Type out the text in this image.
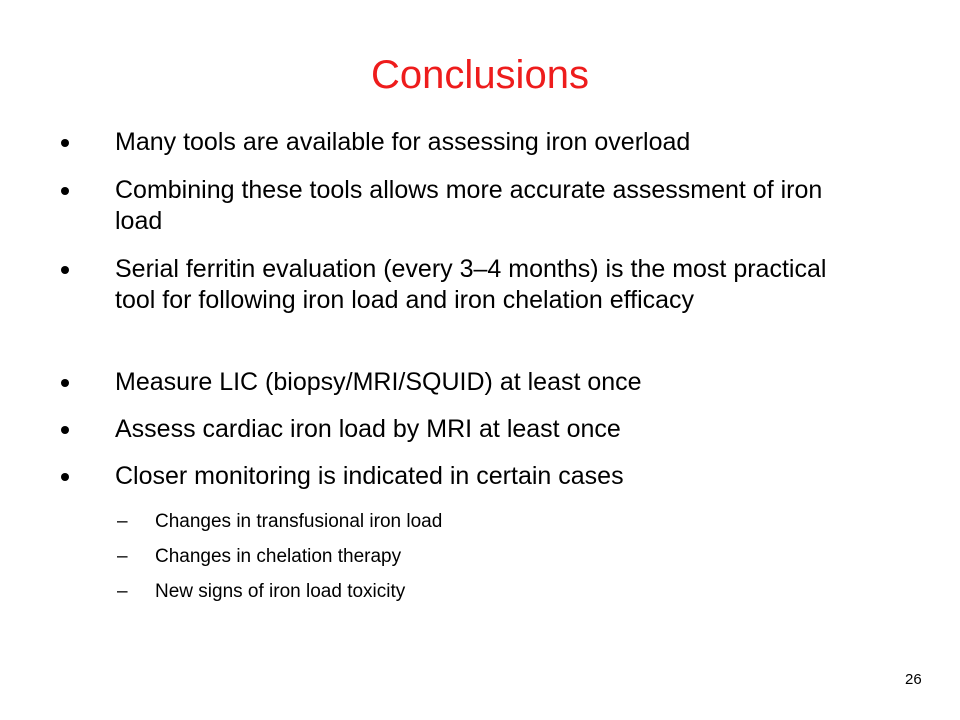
Conclusions
Many tools are available for assessing iron overload
Combining these tools allows more accurate assessment of iron load
Serial ferritin evaluation (every 3–4 months) is the most practical tool for following iron load and iron chelation efficacy
Measure LIC (biopsy/MRI/SQUID) at least once
Assess cardiac iron load by MRI at least once
Closer monitoring is indicated in certain cases
– Changes in transfusional iron load
– Changes in chelation therapy
– New signs of iron load toxicity
26
